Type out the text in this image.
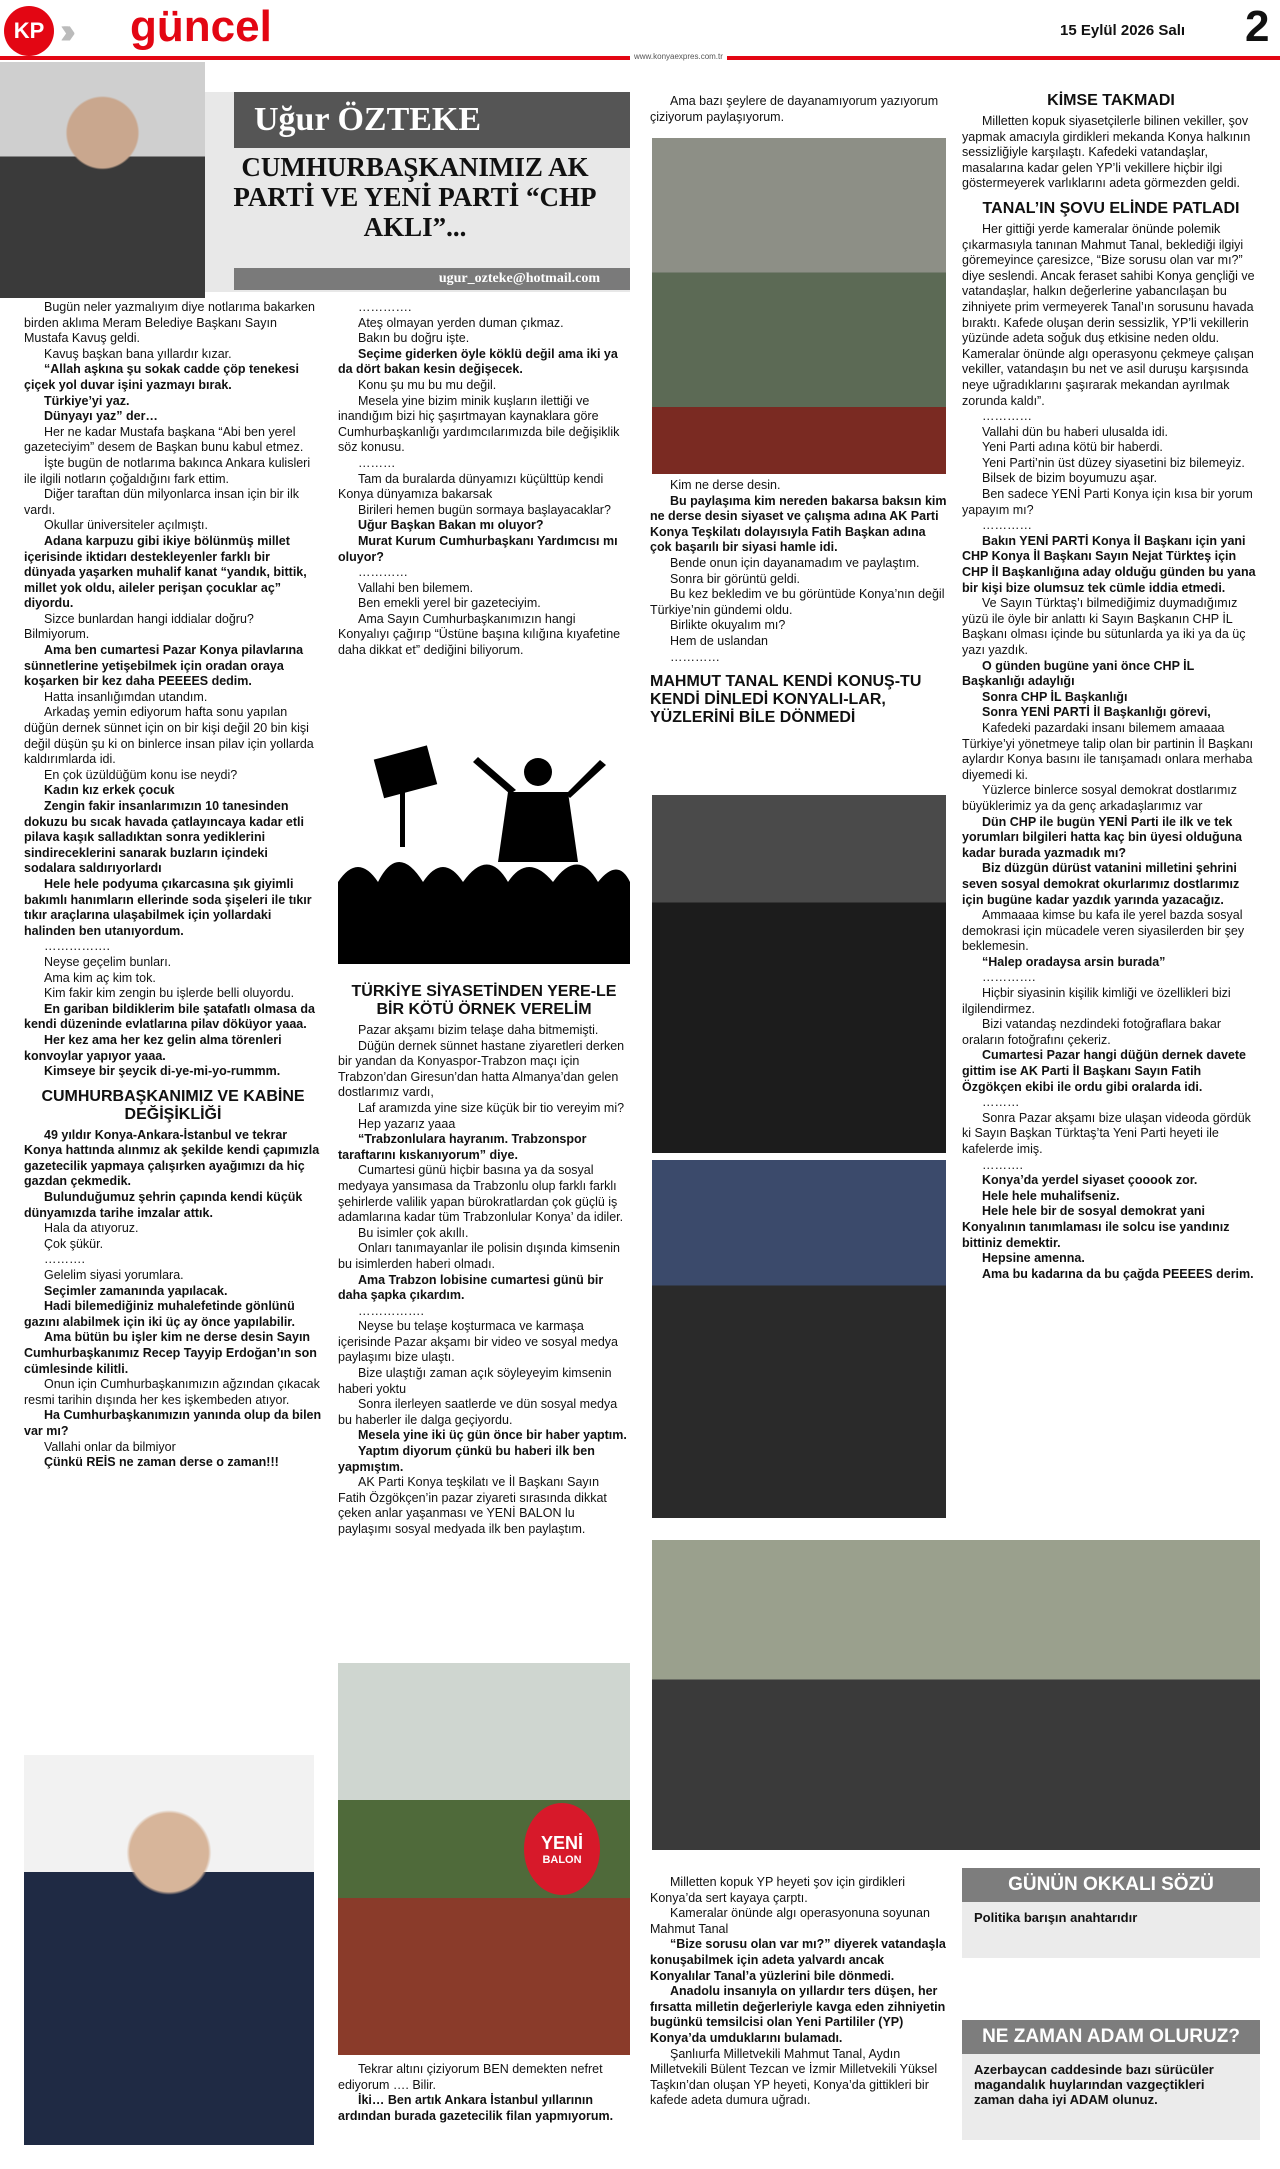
KP güncel	15 Eylül 2026 Salı 2
www.konyaexpres.com.tr
Uğur ÖZTEKE
CUMHURBAŞKANIMIZ AK PARTİ VE YENİ PARTİ “CHP AKLI”...
ugur_ozteke@hotmail.com

Bugün neler yazmalıyım diye notlarıma bakarken birden aklıma Meram Belediye Başkanı Sayın Mustafa Kavuş geldi.

Kavuş başkan bana yıllardır kızar.

“Allah aşkına şu sokak cadde çöp tenekesi çiçek yol duvar işini yazmayı bırak.

Türkiye’yi yaz.

Dünyayı yaz” der…

Her ne kadar Mustafa başkana “Abi ben yerel gazeteciyim” desem de Başkan bunu kabul etmez.

İşte bugün de notlarıma bakınca Ankara kulisleri ile ilgili notların çoğaldığını fark ettim.

Diğer taraftan dün milyonlarca insan için bir ilk vardı.

Okullar üniversiteler açılmıştı.

Adana karpuzu gibi ikiye bölünmüş millet içerisinde iktidarı destekleyenler farklı bir dünyada yaşarken muhalif kanat “yandık, bittik, millet yok oldu, aileler perişan çocuklar aç” diyordu.

Sizce bunlardan hangi iddialar doğru? Bilmiyorum.

Ama ben cumartesi Pazar Konya pilavlarına sünnetlerine yetişebilmek için oradan oraya koşarken bir kez daha PEEEES dedim.

Hatta insanlığımdan utandım.

Arkadaş yemin ediyorum hafta sonu yapılan düğün dernek sünnet için on bir kişi değil 20 bin kişi değil düşün şu ki on binlerce insan pilav için yollarda kaldırımlarda idi.

En çok üzüldüğüm konu ise neydi?

Kadın kız erkek çocuk

Zengin fakir insanlarımızın 10 tanesinden dokuzu bu sıcak havada çatlayıncaya kadar etli pilava kaşık salladıktan sonra yediklerini sindireceklerini sanarak buzların içindeki sodalara saldırıyorlardı

Hele hele podyuma çıkarcasına şık giyimli bakımlı hanımların ellerinde soda şişeleri ile tıkır tıkır araçlarına ulaşabilmek için yollardaki halinden ben utanıyordum.

…………….

Neyse geçelim bunları.

Ama kim aç kim tok.

Kim fakir kim zengin bu işlerde belli oluyordu.

En gariban bildiklerim bile şatafatlı olmasa da kendi düzeninde evlatlarına pilav döküyor yaaa.

Her kez ama her kez gelin alma törenleri konvoylar yapıyor yaaa.

Kimseye bir şeycik di-ye-mi-yo-rummm.

CUMHURBAŞKANIMIZ VE KABİNE DEĞİŞİKLİĞİ

49 yıldır Konya-Ankara-İstanbul ve tekrar Konya hattında alınmız ak şekilde kendi çapımızla gazetecilik yapmaya çalışırken ayağımızı da hiç gazdan çekmedik.

Bulunduğumuz şehrin çapında kendi küçük dünyamızda tarihe imzalar attık.

Hala da atıyoruz.

Çok şükür.

……….

Gelelim siyasi yorumlara.

Seçimler zamanında yapılacak.

Hadi bilemediğiniz muhalefetinde gönlünü gazını alabilmek için iki üç ay önce yapılabilir.

Ama bütün bu işler kim ne derse desin Sayın Cumhurbaşkanımız Recep Tayyip Erdoğan’ın son cümlesinde kilitli.

Onun için Cumhurbaşkanımızın ağzından çıkacak resmi tarihin dışında her kes işkembeden atıyor.

Ha Cumhurbaşkanımızın yanında olup da bilen var mı?

Vallahi onlar da bilmiyor

Çünkü REİS ne zaman derse o zaman!!!

………….

Ateş olmayan yerden duman çıkmaz.

Bakın bu doğru işte.

Seçime giderken öyle köklü değil ama iki ya da dört bakan kesin değişecek.

Konu şu mu bu mu değil.

Mesela yine bizim minik kuşların ilettiği ve inandığım bizi hiç şaşırtmayan kaynaklara göre Cumhurbaşkanlığı yardımcılarımızda bile değişiklik söz konusu.

………

Tam da buralarda dünyamızı küçülttüp kendi Konya dünyamıza bakarsak

Birileri hemen bugün sormaya başlayacaklar?

Uğur Başkan Bakan mı oluyor?

Murat Kurum Cumhurbaşkanı Yardımcısı mı oluyor?

…………

Vallahi ben bilemem.

Ben emekli yerel bir gazeteciyim.

Ama Sayın Cumhurbaşkanımızın hangi Konyalıyı çağırıp “Üstüne başına kılığına kıyafetine daha dikkat et” dediğini biliyorum.

TÜRKİYE SİYASETİNDEN YERE-LE BİR KÖTÜ ÖRNEK VERELİM

Pazar akşamı bizim telaşe daha bitmemişti.

Düğün dernek sünnet hastane ziyaretleri derken bir yandan da Konyaspor-Trabzon maçı için Trabzon’dan Giresun’dan hatta Almanya’dan gelen dostlarımız vardı,

Laf aramızda yine size küçük bir tio vereyim mi?

Hep yazarız yaaa

“Trabzonlulara hayranım. Trabzonspor taraftarını kıskanıyorum” diye.

Cumartesi günü hiçbir basına ya da sosyal medyaya yansımasa da Trabzonlu olup farklı farklı şehirlerde valilik yapan bürokratlardan çok güçlü iş adamlarına kadar tüm Trabzonlular Konya’ da idiler.

Bu isimler çok akıllı.

Onları tanımayanlar ile polisin dışında kimsenin bu isimlerden haberi olmadı.

Ama Trabzon lobisine cumartesi günü bir daha şapka çıkardım.

…………….

Neyse bu telaşe koşturmaca ve karmaşa içerisinde Pazar akşamı bir video ve sosyal medya paylaşımı bize ulaştı.

Bize ulaştığı zaman açık söyleyeyim kimsenin haberi yoktu

Sonra ilerleyen saatlerde ve dün sosyal medya bu haberler ile dalga geçiyordu.

Mesela yine iki üç gün önce bir haber yaptım.

Yaptım diyorum çünkü bu haberi ilk ben yapmıştım.

AK Parti Konya teşkilatı ve İl Başkanı Sayın Fatih Özgökçen’in pazar ziyareti sırasında dikkat çeken anlar yaşanması ve YENİ BALON lu paylaşımı sosyal medyada ilk ben paylaştım.

YENİ
BALON

Tekrar altını çiziyorum BEN demekten nefret ediyorum …. Bilir.

İki… Ben artık Ankara İstanbul yıllarının ardından burada gazetecilik filan yapmıyorum.

Ama bazı şeylere de dayanamıyorum yazıyorum çiziyorum paylaşıyorum.

Kim ne derse desin.

Bu paylaşıma kim nereden bakarsa baksın kim ne derse desin siyaset ve çalışma adına AK Parti Konya Teşkilatı dolayısıyla Fatih Başkan adına çok başarılı bir siyasi hamle idi.

Bende onun için dayanamadım ve paylaştım.

Sonra bir görüntü geldi.

Bu kez bekledim ve bu görüntüde Konya’nın değil Türkiye’nin gündemi oldu.

Birlikte okuyalım mı?

Hem de uslandan

…………

MAHMUT TANAL KENDİ KONUŞ-TU KENDİ DİNLEDİ KONYALI-LAR, YÜZLERİNİ BİLE DÖNMEDİ

Milletten kopuk YP heyeti şov için girdikleri Konya’da sert kayaya çarptı.

Kameralar önünde algı operasyonuna soyunan Mahmut Tanal

“Bize sorusu olan var mı?” diyerek vatandaşla konuşabilmek için adeta yalvardı ancak Konyalılar Tanal’a yüzlerini bile dönmedi.

Anadolu insanıyla on yıllardır ters düşen, her fırsatta milletin değerleriyle kavga eden zihniyetin bugünkü temsilcisi olan Yeni Partililer (YP) Konya’da umduklarını bulamadı.

Şanlıurfa Milletvekili Mahmut Tanal, Aydın Milletvekili Bülent Tezcan ve İzmir Milletvekili Yüksel Taşkın’dan oluşan YP heyeti, Konya’da gittikleri bir kafede adeta dumura uğradı.

KİMSE TAKMADI

Milletten kopuk siyasetçilerle bilinen vekiller, şov yapmak amacıyla girdikleri mekanda Konya halkının sessizliğiyle karşılaştı. Kafedeki vatandaşlar, masalarına kadar gelen YP’li vekillere hiçbir ilgi göstermeyerek varlıklarını adeta görmezden geldi.

TANAL’IN ŞOVU ELİNDE PATLADI

Her gittiği yerde kameralar önünde polemik çıkarmasıyla tanınan Mahmut Tanal, beklediği ilgiyi göremeyince çaresizce, “Bize sorusu olan var mı?” diye seslendi. Ancak feraset sahibi Konya gençliği ve vatandaşlar, halkın değerlerine yabancılaşan bu zihniyete prim vermeyerek Tanal’ın sorusunu havada bıraktı. Kafede oluşan derin sessizlik, YP’li vekillerin yüzünde adeta soğuk duş etkisine neden oldu. Kameralar önünde algı operasyonu çekmeye çalışan vekiller, vatandaşın bu net ve asil duruşu karşısında neye uğradıklarını şaşırarak mekandan ayrılmak zorunda kaldı”.

…………

Vallahi dün bu haberi ulusalda idi.

Yeni Parti adına kötü bir haberdi.

Yeni Parti’nin üst düzey siyasetini biz bilemeyiz.

Bilsek de bizim boyumuzu aşar.

Ben sadece YENİ Parti Konya için kısa bir yorum yapayım mı?

…………

Bakın YENİ PARTİ Konya İl Başkanı için yani CHP Konya İl Başkanı Sayın Nejat Türkteş için CHP İl Başkanlığına aday olduğu günden bu yana bir kişi bize olumsuz tek cümle iddia etmedi.

Ve Sayın Türktaş’ı bilmediğimiz duymadığımız yüzü ile öyle bir anlattı ki Sayın Başkanın CHP İL Başkanı olması içinde bu sütunlarda ya iki ya da üç yazı yazdık.

O günden bugüne yani önce CHP İL Başkanlığı adaylığı

Sonra CHP İL Başkanlığı

Sonra YENİ PARTİ İl Başkanlığı görevi,

Kafedeki pazardaki insanı bilemem amaaaa Türkiye’yi yönetmeye talip olan bir partinin İl Başkanı aylardır Konya basını ile tanışamadı onlara merhaba diyemedi ki.

Yüzlerce binlerce sosyal demokrat dostlarımız büyüklerimiz ya da genç arkadaşlarımız var

Dün CHP ile bugün YENİ Parti ile ilk ve tek yorumları bilgileri hatta kaç bin üyesi olduğuna kadar burada yazmadık mı?

Biz düzgün dürüst vatanini milletini şehrini seven sosyal demokrat okurlarımız dostlarımız için bugüne kadar yazdık yarında yazacağız.

Ammaaaa kimse bu kafa ile yerel bazda sosyal demokrasi için mücadele veren siyasilerden bir şey beklemesin.

“Halep oradaysa arsin burada”

………….

Hiçbir siyasinin kişilik kimliği ve özellikleri bizi ilgilendirmez.

Bizi vatandaş nezdindeki fotoğraflara bakar oraların fotoğrafını çekeriz.

Cumartesi Pazar hangi düğün dernek davete gittim ise AK Parti İl Başkanı Sayın Fatih Özgökçen ekibi ile ordu gibi oralarda idi.

………

Sonra Pazar akşamı bize ulaşan videoda gördük ki Sayın Başkan Türktaş’ta Yeni Parti heyeti ile kafelerde imiş.

……….

Konya’da yerdel siyaset çooook zor.

Hele hele muhalifseniz.

Hele hele bir de sosyal demokrat yani Konyalının tanımlaması ile solcu ise yandınız bittiniz demektir.

Hepsine amenna.

Ama bu kadarına da bu çağda PEEEES derim.

GÜNÜN OKKALI SÖZÜ
Politika barışın anahtarıdır
NE ZAMAN ADAM OLURUZ?
Azerbaycan caddesinde bazı sürücüler magandalık huylarından vazgeçtikleri zaman daha iyi ADAM olunuz.
